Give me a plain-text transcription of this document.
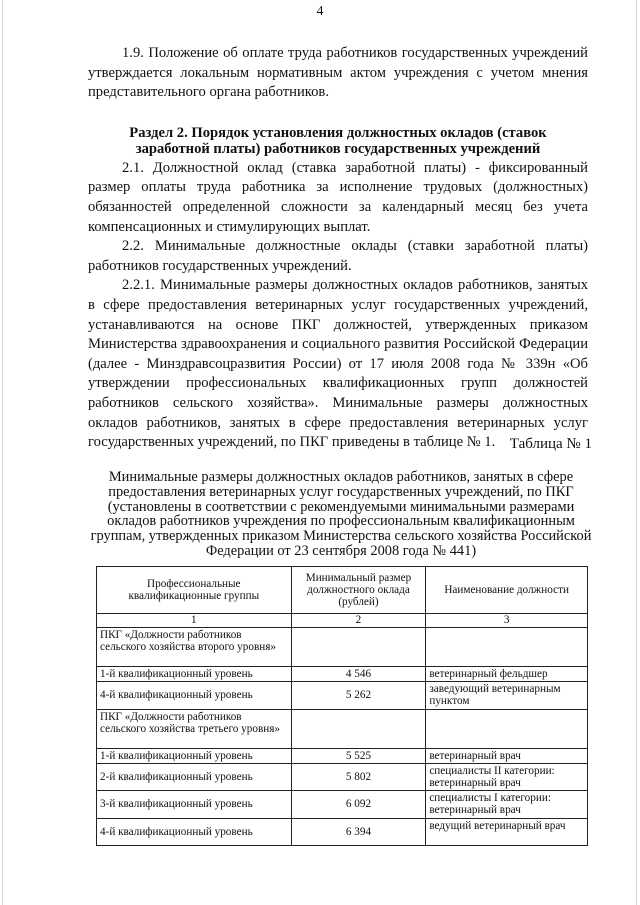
4

1.9. Положение об оплате труда работников государственных учреждений утверждается локальным нормативным актом учреждения с учетом мнения представительного органа работников.

Раздел 2. Порядок установления должностных окладов (ставок заработной платы) работников государственных учреждений

2.1. Должностной оклад (ставка заработной платы) - фиксированный размер оплаты труда работника за исполнение трудовых (должностных) обязанностей определенной сложности за календарный месяц без учета компенсационных и стимулирующих выплат.

2.2. Минимальные должностные оклады (ставки заработной платы) работников государственных учреждений.

2.2.1. Минимальные размеры должностных окладов работников, занятых в сфере предоставления ветеринарных услуг государственных учреждений, устанавливаются на основе ПКГ должностей, утвержденных приказом Министерства здравоохранения и социального развития Российской Федерации (далее - Минздравсоцразвития России) от 17 июля 2008 года № 339н «Об утверждении профессиональных квалификационных групп должностей работников сельского хозяйства». Минимальные размеры должностных окладов работников, занятых в сфере предоставления ветеринарных услуг государственных учреждений, по ПКГ приведены в таблице № 1. Таблица № 1
Минимальные размеры должностных окладов работников, занятых в сфере предоставления ветеринарных услуг государственных учреждений, по ПКГ (установлены в соответствии с рекомендуемыми минимальными размерами окладов работников учреждения по профессиональным квалификационным группам, утвержденных приказом Министерства сельского хозяйства Российской Федерации от 23 сентября 2008 года № 441)
Профессиональные квалификационные группы	Минимальный размер должностного оклада (рублей)	Наименование должности
1	2	3
ПКГ «Должности работников сельского хозяйства второго уровня»		
1-й квалификационный уровень	4 546	ветеринарный фельдшер
4-й квалификационный уровень	5 262	заведующий ветеринарным пунктом
ПКГ «Должности работников сельского хозяйства третьего уровня»		
1-й квалификационный уровень	5 525	ветеринарный врач
2-й квалификационный уровень	5 802	специалисты II категории: ветеринарный врач
3-й квалификационный уровень	6 092	специалисты I категории: ветеринарный врач
4-й квалификационный уровень	6 394	ведущий ветеринарный врач
